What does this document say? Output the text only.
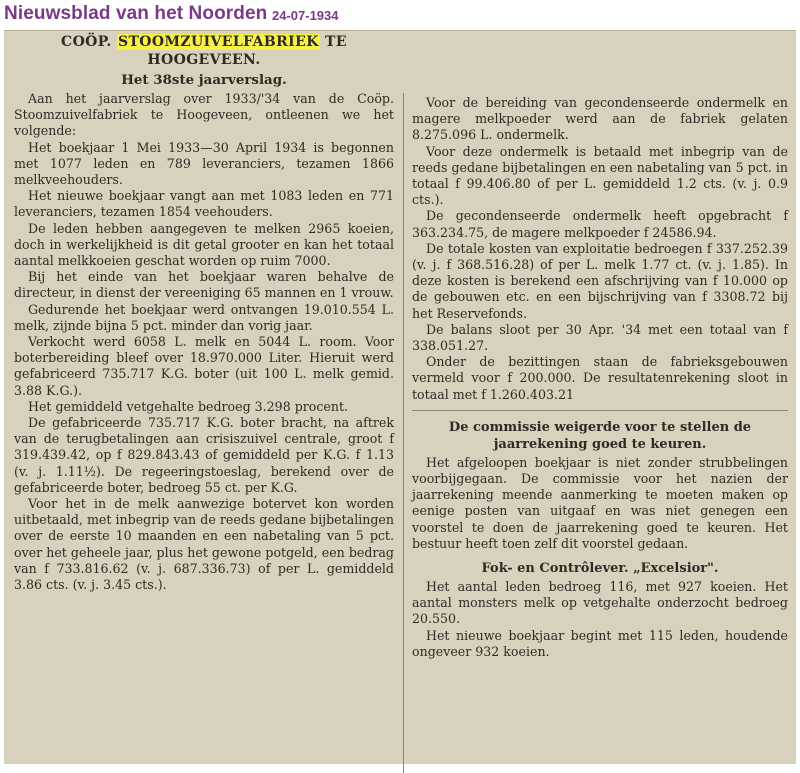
Nieuwsblad van het Noorden 24-07-1934

COÖP. STOOMZUIVELFABRIEK TE
HOOGEVEEN.

Het 38ste jaarverslag.

Aan het jaarverslag over 1933/'34 van de Coöp. Stoomzuivelfabriek te Hoogeveen, ontleenen we het volgende:

Het boekjaar 1 Mei 1933—30 April 1934 is begonnen met 1077 leden en 789 leveranciers, tezamen 1866 melkveehouders.

Het nieuwe boekjaar vangt aan met 1083 leden en 771 leveranciers, tezamen 1854 veehouders.

De leden hebben aangegeven te melken 2965 koeien, doch in werkelijkheid is dit getal grooter en kan het totaal aantal melkkoeien geschat worden op ruim 7000.

Bij het einde van het boekjaar waren behalve de directeur, in dienst der vereeniging 65 mannen en 1 vrouw.

Gedurende het boekjaar werd ontvangen 19.010.554 L. melk, zijnde bijna 5 pct. minder dan vorig jaar.

Verkocht werd 6058 L. melk en 5044 L. room. Voor boterbereiding bleef over 18.970.000 Liter. Hieruit werd gefabriceerd 735.717 K.G. boter (uit 100 L. melk gemid. 3.88 K.G.).

Het gemiddeld vetgehalte bedroeg 3.298 procent.

De gefabriceerde 735.717 K.G. boter bracht, na aftrek van de terugbetalingen aan crisiszuivel centrale, groot f 319.439.42, op f 829.843.43 of gemiddeld per K.G. f 1.13 (v. j. 1.11½). De regeeringstoeslag, berekend over de gefabriceerde boter, bedroeg 55 ct. per K.G.

Voor het in de melk aanwezige botervet kon worden uitbetaald, met inbegrip van de reeds gedane bijbetalingen over de eerste 10 maanden en een nabetaling van 5 pct. over het geheele jaar, plus het gewone potgeld, een bedrag van f 733.816.62 (v. j. 687.336.73) of per L. gemiddeld 3.86 cts. (v. j. 3.45 cts.).

Voor de bereiding van gecondenseerde ondermelk en magere melkpoeder werd aan de fabriek gelaten 8.275.096 L. ondermelk.

Voor deze ondermelk is betaald met inbegrip van de reeds gedane bijbetalingen en een nabetaling van 5 pct. in totaal f 99.406.80 of per L. gemiddeld 1.2 cts. (v. j. 0.9 cts.).

De gecondenseerde ondermelk heeft opgebracht f 363.234.75, de magere melkpoeder f 24586.94.

De totale kosten van exploitatie bedroegen f 337.252.39 (v. j. f 368.516.28) of per L. melk 1.77 ct. (v. j. 1.85). In deze kosten is berekend een afschrijving van f 10.000 op de gebouwen etc. en een bijschrijving van f 3308.72 bij het Reservefonds.

De balans sloot per 30 Apr. '34 met een totaal van f 338.051.27.

Onder de bezittingen staan de fabrieksgebouwen vermeld voor f 200.000. De resultatenrekening sloot in totaal met f 1.260.403.21

De commissie weigerde voor te stellen de jaarrekening goed te keuren.

Het afgeloopen boekjaar is niet zonder strubbelingen voorbijgegaan. De commissie voor het nazien der jaarrekening meende aanmerking te moeten maken op eenige posten van uitgaaf en was niet genegen een voorstel te doen de jaarrekening goed te keuren. Het bestuur heeft toen zelf dit voorstel gedaan.

Fok- en Contrôlever. „Excelsior".

Het aantal leden bedroeg 116, met 927 koeien. Het aantal monsters melk op vetgehalte onderzocht bedroeg 20.550.

Het nieuwe boekjaar begint met 115 leden, houdende ongeveer 932 koeien.
